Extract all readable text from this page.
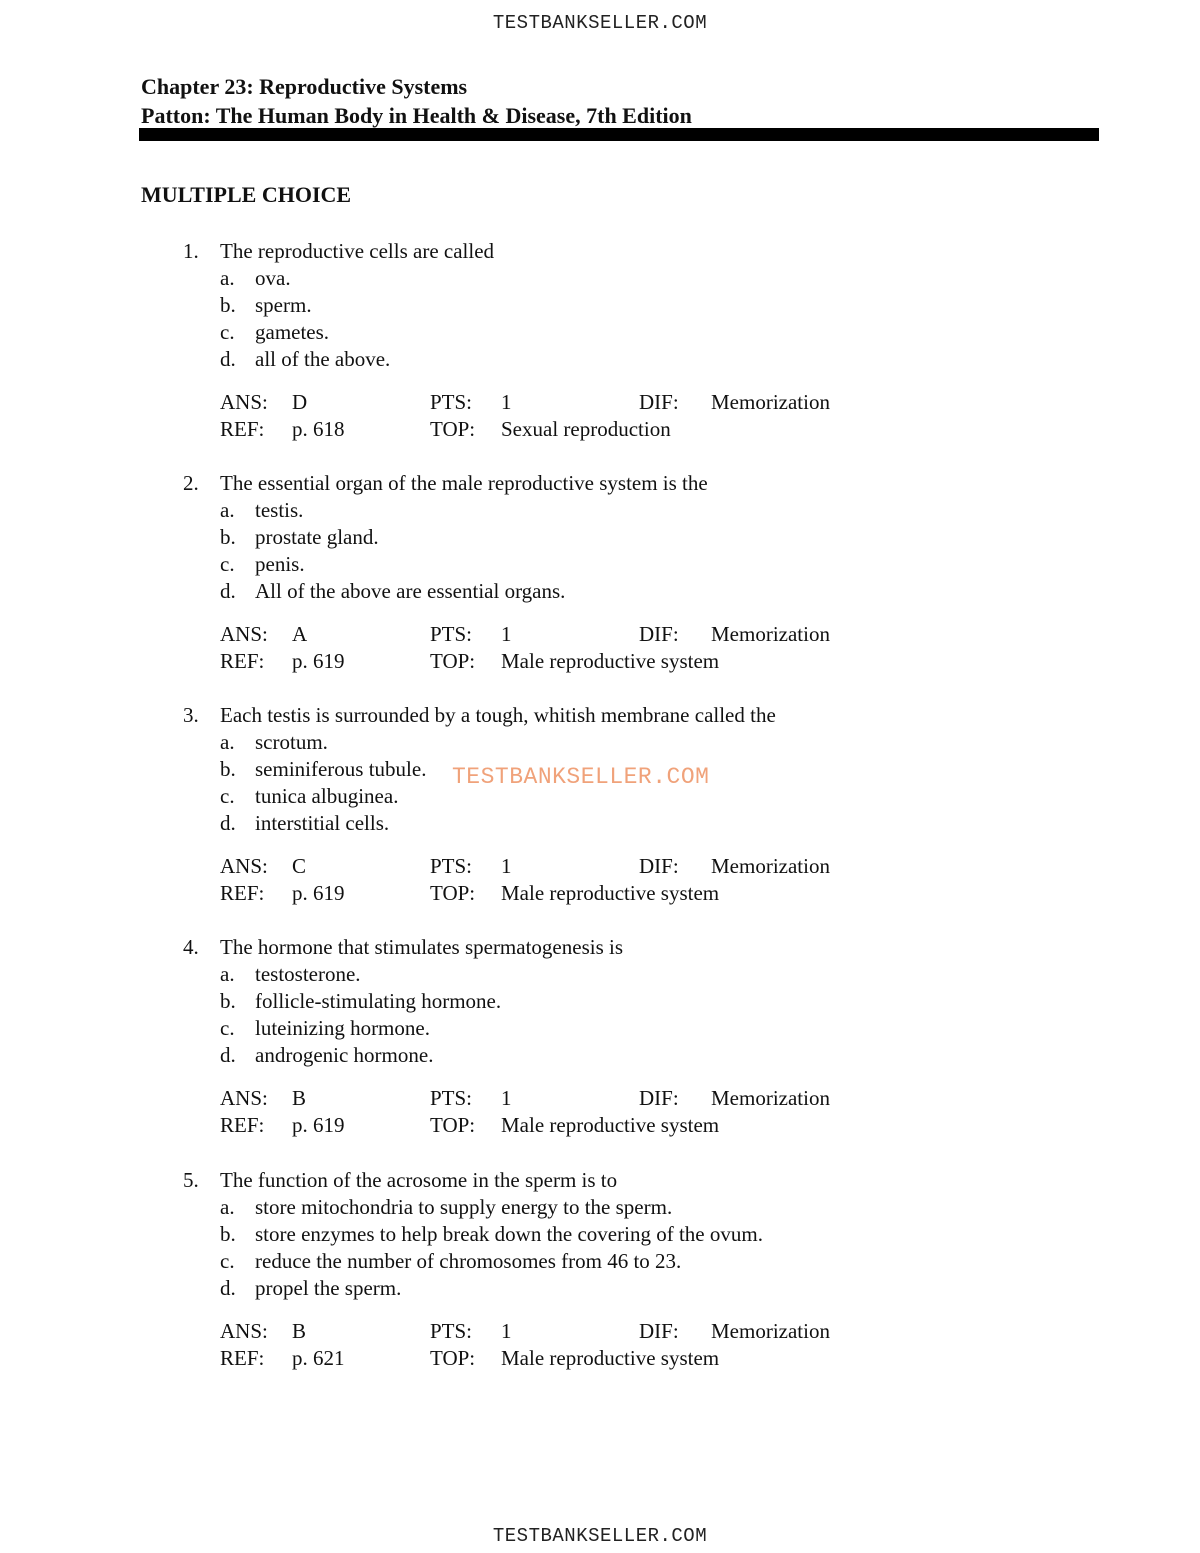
TESTBANKSELLER.COM
Chapter 23: Reproductive Systems
Patton: The Human Body in Health & Disease, 7th Edition
MULTIPLE CHOICE
1.	The reproductive cells are called
a. ova.
b. sperm.
c. gametes.
d. all of the above.
ANS: D	PTS: 1	DIF: Memorization
REF: p. 618	TOP: Sexual reproduction
2.	The essential organ of the male reproductive system is the
a. testis.
b. prostate gland.
c. penis.
d. All of the above are essential organs.
ANS: A	PTS: 1	DIF: Memorization
REF: p. 619	TOP: Male reproductive system
3.	Each testis is surrounded by a tough, whitish membrane called the
a. scrotum.
b. seminiferous tubule.
c. tunica albuginea.
d. interstitial cells.
ANS: C	PTS: 1	DIF: Memorization
REF: p. 619	TOP: Male reproductive system
4.	The hormone that stimulates spermatogenesis is
a. testosterone.
b. follicle-stimulating hormone.
c. luteinizing hormone.
d. androgenic hormone.
ANS: B	PTS: 1	DIF: Memorization
REF: p. 619	TOP: Male reproductive system
5.	The function of the acrosome in the sperm is to
a. store mitochondria to supply energy to the sperm.
b. store enzymes to help break down the covering of the ovum.
c. reduce the number of chromosomes from 46 to 23.
d. propel the sperm.
ANS: B	PTS: 1	DIF: Memorization
REF: p. 621	TOP: Male reproductive system
TESTBANKSELLER.COM
TESTBANKSELLER.COM
